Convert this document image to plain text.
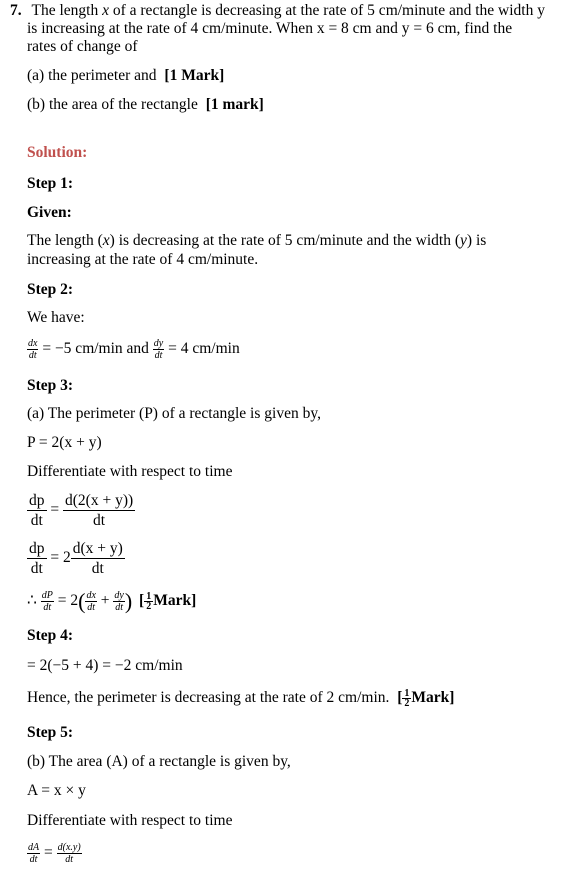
7. The length x of a rectangle is decreasing at the rate of 5 cm/minute and the width y
is increasing at the rate of 4 cm/minute. When x = 8 cm and y = 6 cm, find the
rates of change of
(a) the perimeter and [1 Mark]
(b) the area of the rectangle [1 mark]
Solution:
Step 1:
Given:
The length (x) is decreasing at the rate of 5 cm/minute and the width (y) is
increasing at the rate of 4 cm/minute.
Step 2:
We have:
$\frac{dx}{dt} = -5$ cm/min and $\frac{dy}{dt} = 4$ cm/min
Step 3:
(a) The perimeter (P) of a rectangle is given by,
P = 2(x + y)
Differentiate with respect to time
$\frac{dp}{dt} = \frac{d(2(x + y))}{dt}$
$\frac{dp}{dt} = 2 \frac{d(x + y)}{dt}$
∴ $\frac{dP}{dt} = 2( \frac{dx}{dt} + \frac{dy}{dt}$ ) [ $\frac{1}{2}$ Mark]
Step 4:
= 2(−5 + 4) = −2 cm/min
Hence, the perimeter is decreasing at the rate of 2 cm/min. [ $\frac{1}{2}$ Mark]
Step 5:
(b) The area (A) of a rectangle is given by,
A = x × y
Differentiate with respect to time
$\frac{dA}{dt} = \frac{d(x.y)}{dt}$
